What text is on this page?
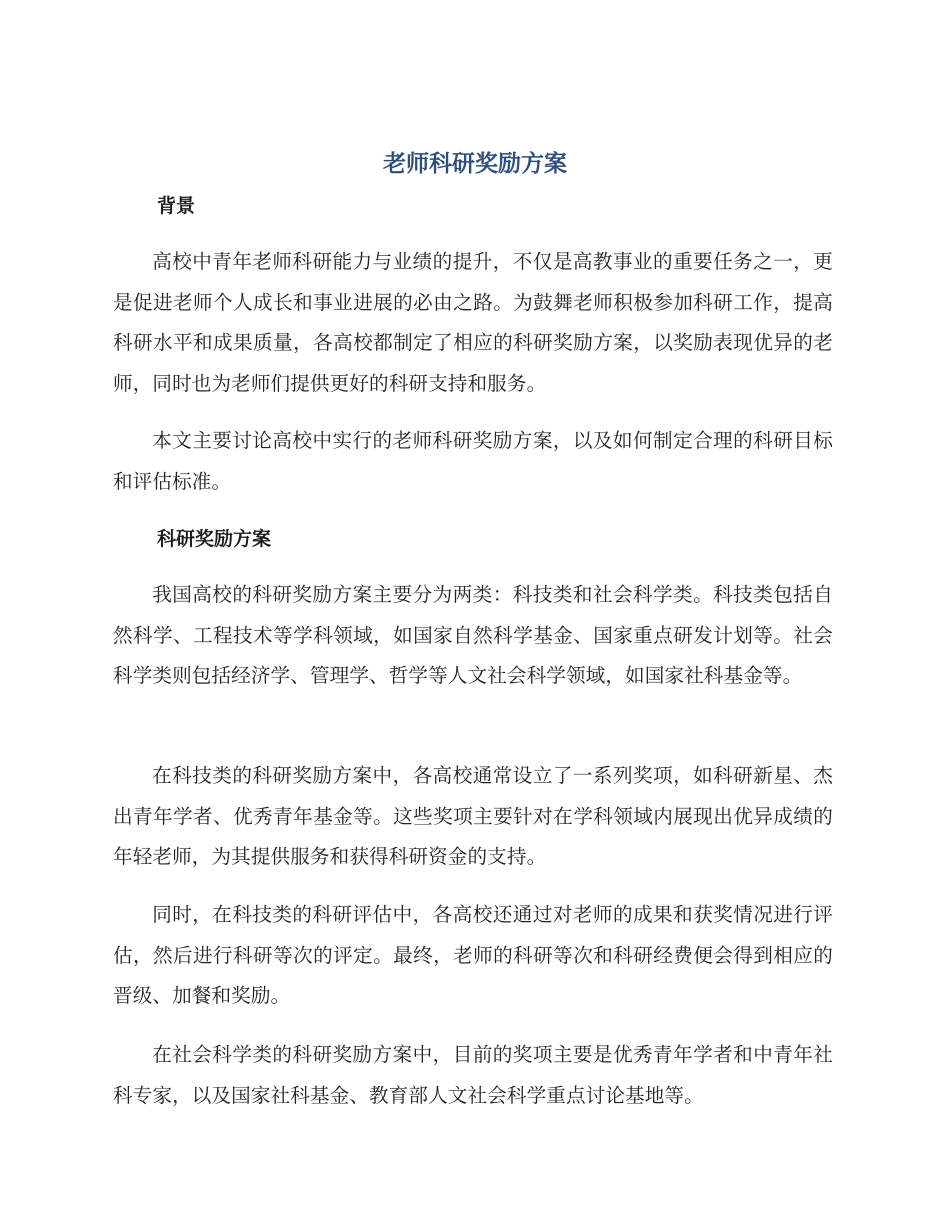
老师科研奖励方案
背景

高校中青年老师科研能力与业绩的提升，不仅是高教事业的重要任务之一，更是促进老师个人成长和事业进展的必由之路。为鼓舞老师积极参加科研工作，提高科研水平和成果质量，各高校都制定了相应的科研奖励方案，以奖励表现优异的老师，同时也为老师们提供更好的科研支持和服务。

本文主要讨论高校中实行的老师科研奖励方案，以及如何制定合理的科研目标和评估标准。

科研奖励方案

我国高校的科研奖励方案主要分为两类：科技类和社会科学类。科技类包括自然科学、工程技术等学科领域，如国家自然科学基金、国家重点研发计划等。社会科学类则包括经济学、管理学、哲学等人文社会科学领域，如国家社科基金等。

在科技类的科研奖励方案中，各高校通常设立了一系列奖项，如科研新星、杰出青年学者、优秀青年基金等。这些奖项主要针对在学科领域内展现出优异成绩的年轻老师，为其提供服务和获得科研资金的支持。

同时，在科技类的科研评估中，各高校还通过对老师的成果和获奖情况进行评估，然后进行科研等次的评定。最终，老师的科研等次和科研经费便会得到相应的晋级、加餐和奖励。

在社会科学类的科研奖励方案中，目前的奖项主要是优秀青年学者和中青年社科专家，以及国家社科基金、教育部人文社会科学重点讨论基地等。
